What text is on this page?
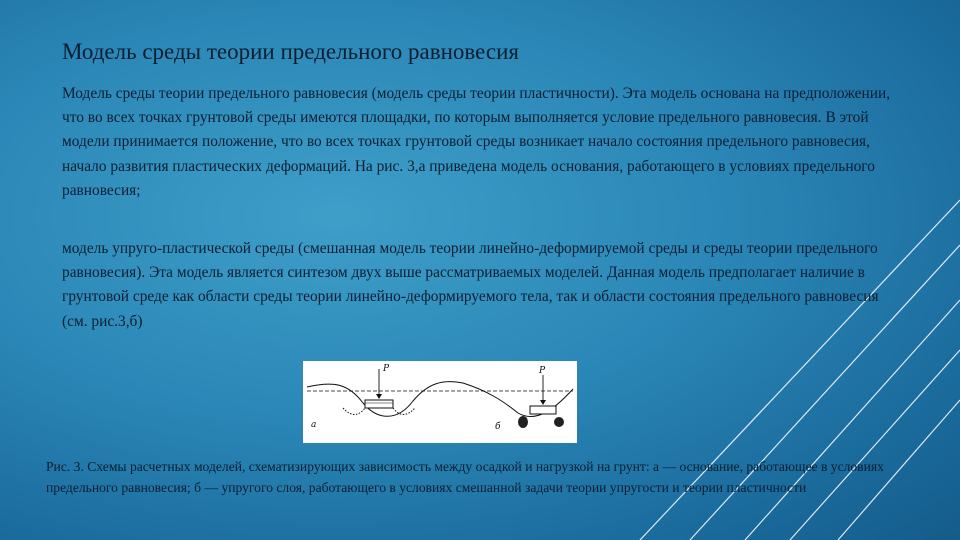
Модель среды теории предельного равновесия
Модель среды теории предельного равновесия (модель среды теории пластичности). Эта модель основана на предположении, что во всех точках грунтовой среды имеются площадки, по которым выполняется условие предельного равновесия. В этой модели принимается положение, что во всех точках грунтовой среды возникает начало состояния предельного равновесия, начало развития пластических деформаций. На рис. 3,а приведена модель основания, работающего в условиях предельного равновесия;
модель упруго-пластической среды (смешанная модель теории линейно-деформируемой среды и среды теории предельного равновесия). Эта модель является синтезом двух выше рассматриваемых моделей. Данная модель предполагает наличие в грунтовой среде как области среды теории линейно-деформируемого тела, так и области состояния предельного равновесия (см. рис.3,б)
P
а
P
б
Рис. 3. Схемы расчетных моделей, схематизирующих зависимость между осадкой и нагрузкой на грунт: а — основание, работающее в условиях предельного равновесия; б — упругого слоя, работающего в условиях смешанной задачи теории упругости и теории пластичности
